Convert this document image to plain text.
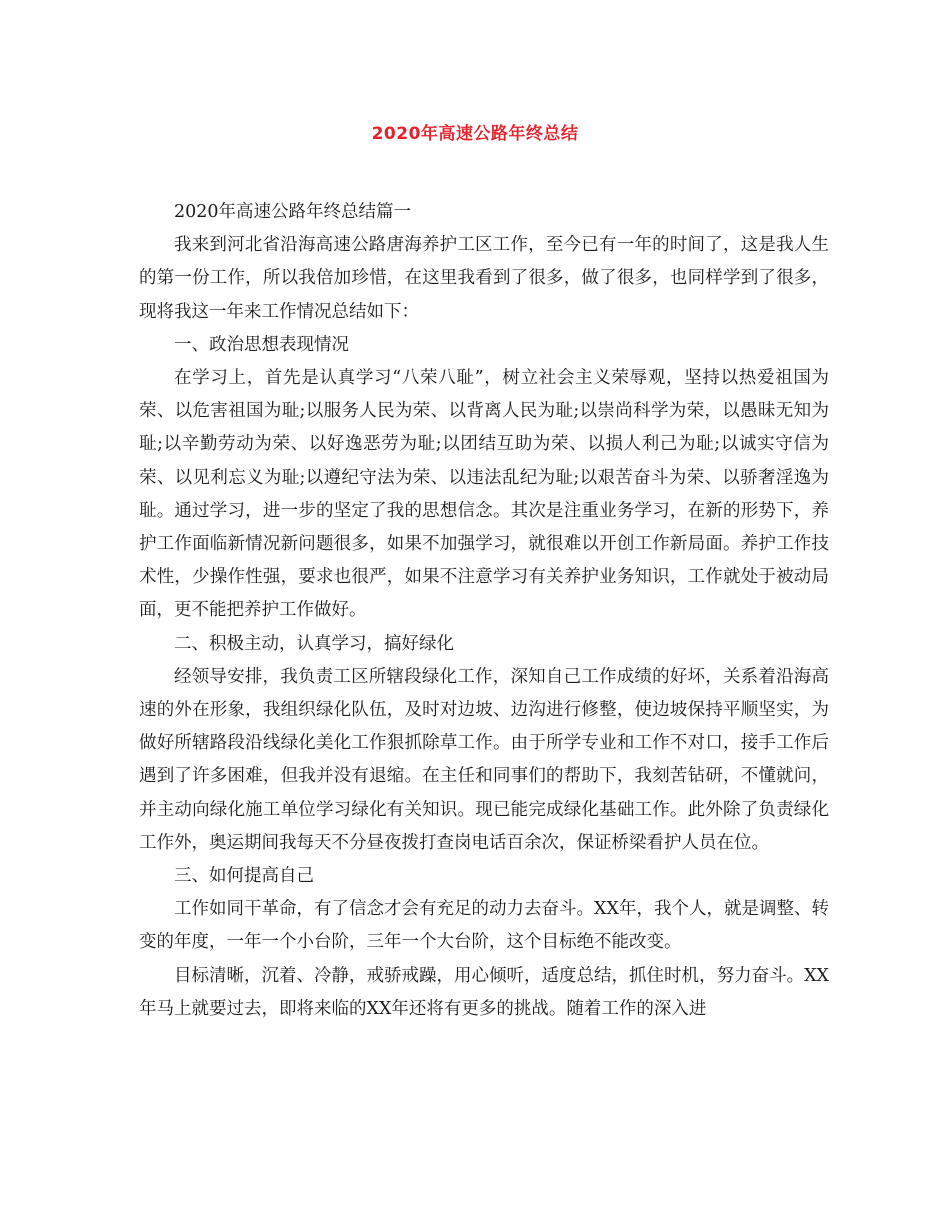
2020年高速公路年终总结

2020年高速公路年终总结篇一

我来到河北省沿海高速公路唐海养护工区工作，至今已有一年的时间了，这是我人生的第一份工作，所以我倍加珍惜，在这里我看到了很多，做了很多，也同样学到了很多，现将我这一年来工作情况总结如下：

一、政治思想表现情况

在学习上，首先是认真学习“八荣八耻”，树立社会主义荣辱观，坚持以热爱祖国为荣、以危害祖国为耻;以服务人民为荣、以背离人民为耻;以崇尚科学为荣，以愚昧无知为耻;以辛勤劳动为荣、以好逸恶劳为耻;以团结互助为荣、以损人利己为耻;以诚实守信为荣、以见利忘义为耻;以遵纪守法为荣、以违法乱纪为耻;以艰苦奋斗为荣、以骄奢淫逸为耻。通过学习，进一步的坚定了我的思想信念。其次是注重业务学习，在新的形势下，养护工作面临新情况新问题很多，如果不加强学习，就很难以开创工作新局面。养护工作技术性，少操作性强，要求也很严，如果不注意学习有关养护业务知识，工作就处于被动局面，更不能把养护工作做好。

二、积极主动，认真学习，搞好绿化

经领导安排，我负责工区所辖段绿化工作，深知自己工作成绩的好坏，关系着沿海高速的外在形象，我组织绿化队伍，及时对边坡、边沟进行修整，使边坡保持平顺坚实，为做好所辖路段沿线绿化美化工作狠抓除草工作。由于所学专业和工作不对口，接手工作后遇到了许多困难，但我并没有退缩。在主任和同事们的帮助下，我刻苦钻研，不懂就问，并主动向绿化施工单位学习绿化有关知识。现已能完成绿化基础工作。此外除了负责绿化工作外，奥运期间我每天不分昼夜拨打查岗电话百余次，保证桥梁看护人员在位。

三、如何提高自己

工作如同干革命，有了信念才会有充足的动力去奋斗。XX年，我个人，就是调整、转变的年度，一年一个小台阶，三年一个大台阶，这个目标绝不能改变。

目标清晰，沉着、冷静，戒骄戒躁，用心倾听，适度总结，抓住时机，努力奋斗。XX年马上就要过去，即将来临的XX年还将有更多的挑战。随着工作的深入进
